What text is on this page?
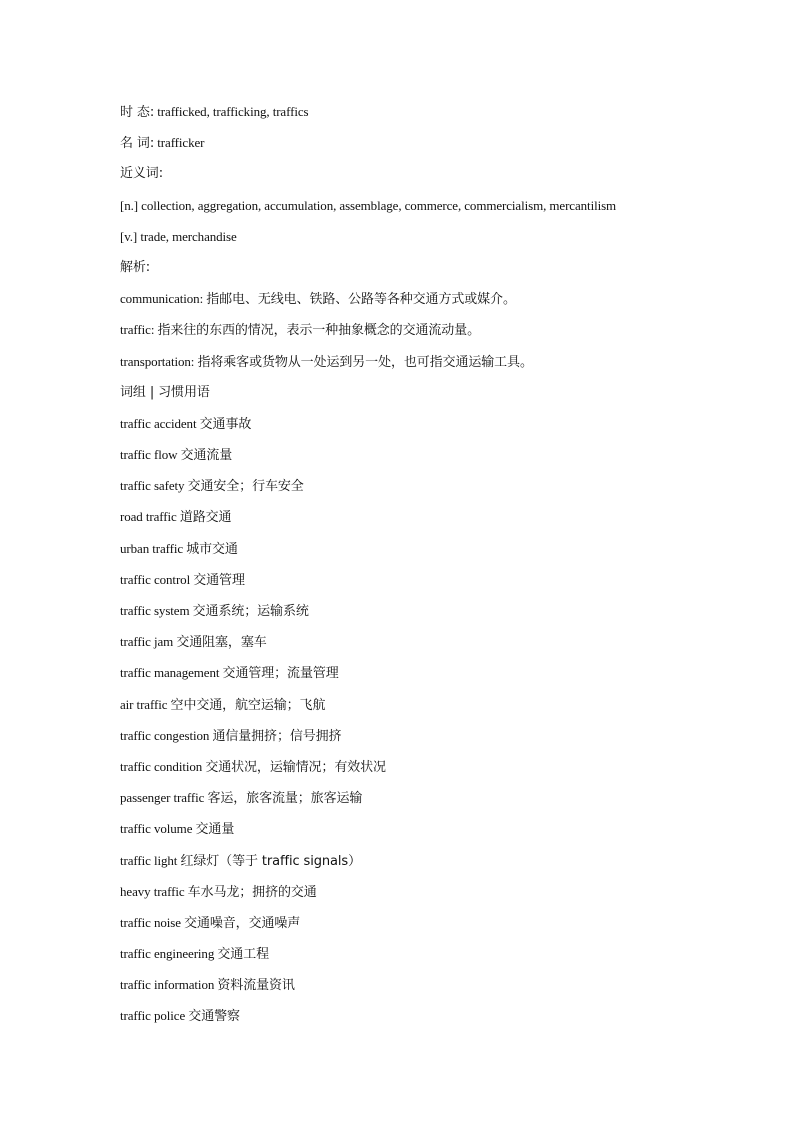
时 态: trafficked, trafficking, traffics
名 词: trafficker
近义词:
[n.] collection, aggregation, accumulation, assemblage, commerce, commercialism, mercantilism
[v.] trade, merchandise
解析:
communication: 指邮电、无线电、铁路、公路等各种交通方式或媒介。
traffic: 指来往的东西的情况，表示一种抽象概念的交通流动量。
transportation: 指将乘客或货物从一处运到另一处，也可指交通运输工具。
词组 | 习惯用语
traffic accident 交通事故
traffic flow 交通流量
traffic safety 交通安全；行车安全
road traffic 道路交通
urban traffic 城市交通
traffic control 交通管理
traffic system 交通系统；运输系统
traffic jam 交通阻塞，塞车
traffic management 交通管理；流量管理
air traffic 空中交通，航空运输；飞航
traffic congestion 通信量拥挤；信号拥挤
traffic condition 交通状况，运输情况；有效状况
passenger traffic 客运，旅客流量；旅客运输
traffic volume 交通量
traffic light 红绿灯（等于 traffic signals）
heavy traffic 车水马龙；拥挤的交通
traffic noise 交通噪音，交通噪声
traffic engineering 交通工程
traffic information 资料流量资讯
traffic police 交通警察
